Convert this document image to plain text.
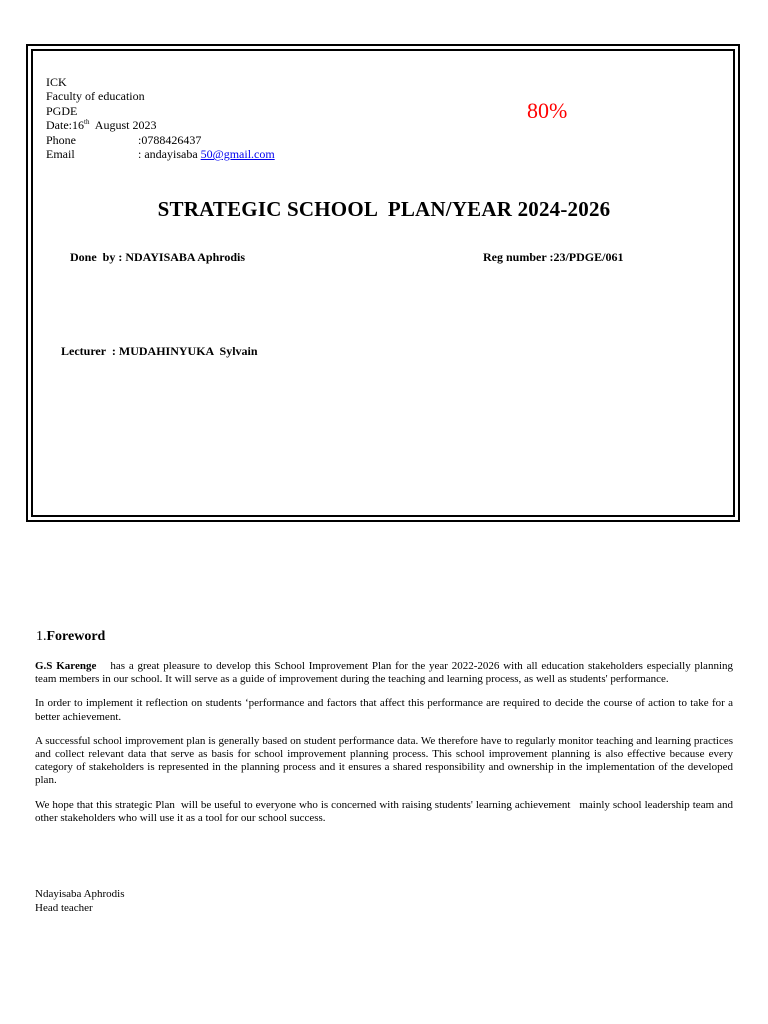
ICK
Faculty of education
PGDE
Date:16th  August 2023
Phone	:0788426437
Email	: andayisaba 50@gmail.com
80%
STRATEGIC SCHOOL  PLAN/YEAR 2024-2026
Done  by : NDAYISABA Aphrodis	Reg number :23/PDGE/061
Lecturer  : MUDAHINYUKA  Sylvain
1.Foreword

G.S Karenge has a great pleasure to develop this School Improvement Plan for the year 2022-2026 with all education stakeholders especially planning team members in our school. It will serve as a guide of improvement during the teaching and learning process, as well as students' performance.

In order to implement it reflection on students ‘performance and factors that affect this performance are required to decide the course of action to take for a better achievement.

A successful school improvement plan is generally based on student performance data. We therefore have to regularly monitor teaching and learning practices and collect relevant data that serve as basis for school improvement planning process. This school improvement planning is also effective because every category of stakeholders is represented in the planning process and it ensures a shared responsibility and ownership in the implementation of the developed plan.

We hope that this strategic Plan  will be useful to everyone who is concerned with raising students' learning achievement   mainly school leadership team and other stakeholders who will use it as a tool for our school success.

Ndayisaba Aphrodis
Head teacher
